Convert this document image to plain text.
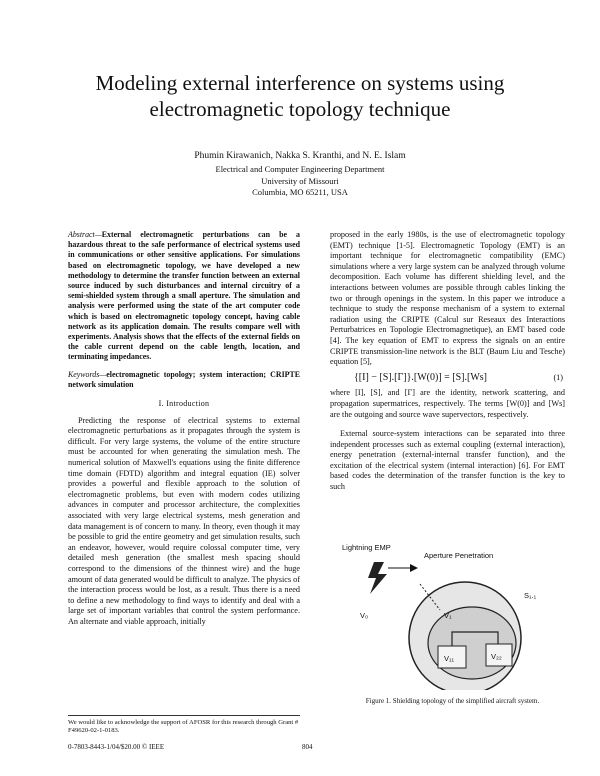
Modeling external interference on systems using electromagnetic topology technique
Phumin Kirawanich, Nakka S. Kranthi, and N. E. Islam
Electrical and Computer Engineering Department
University of Missouri
Columbia, MO 65211, USA
Abstract—External electromagnetic perturbations can be a hazardous threat to the safe performance of electrical systems used in communications or other sensitive applications. For simulations based on electromagnetic topology, we have developed a new methodology to determine the transfer function between an external source induced by such disturbances and internal circuitry of a semi-shielded system through a small aperture. The simulation and analysis were performed using the state of the art computer code which is based on electromagnetic topology concept, having cable network as its application domain. The results compare well with experiments. Analysis shows that the effects of the external fields on the cable current depend on the cable length, location, and terminating impedances.
Keywords—electromagnetic topology; system interaction; CRIPTE network simulation
I. Introduction
Predicting the response of electrical systems to external electromagnetic perturbations as it propagates through the system is difficult. For very large systems, the volume of the entire structure must be accounted for when generating the simulation mesh. The numerical solution of Maxwell's equations using the finite difference time domain (FDTD) algorithm and integral equation (IE) solver provides a powerful and flexible approach to the solution of electromagnetic problems, but even with modern codes utilizing advances in computer and processor architecture, the complexities associated with very large electrical systems, mesh generation and data management is of concern to many. In theory, even though it may be possible to grid the entire geometry and get simulation results, such an endeavor, however, would require colossal computer time, very detailed mesh generation (the smallest mesh spacing should correspond to the dimensions of the thinnest wire) and the huge amount of data generated would be difficult to analyze. The physics of the interaction process would be lost, as a result. Thus there is a need to define a new methodology to find ways to identify and deal with a large set of important variables that control the system performance. An alternate and viable approach, initially
proposed in the early 1980s, is the use of electromagnetic topology (EMT) technique [1-5]. Electromagnetic Topology (EMT) is an important technique for electromagnetic compatibility (EMC) simulations where a very large system can be analyzed through volume decomposition. Each volume has different shielding level, and the interactions between volumes are possible through cables linking the two or through openings in the system. In this paper we introduce a technique to study the response mechanism of a system to external radiation using the CRIPTE (Calcul sur Reseaux des Interactions Perturbatrices en Topologie Electromagnetique), an EMT based code [4]. The key equation of EMT to express the signals on an entire CRIPTE transmission-line network is the BLT (Baum Liu and Tesche) equation [5],
{[I] − [S].[Γ]}.[W(0)] = [S].[Ws]	(1)
where [I], [S], and [Γ] are the identity, network scattering, and propagation supermatrices, respectively. The terms [W(0)] and [Ws] are the outgoing and source wave supervectors, respectively.
External source-system interactions can be separated into three independent processes such as external coupling (external interaction), energy penetration (external-internal transfer function), and the excitation of the electrical system (internal interaction) [6]. For EMT based codes the determination of the transfer function is the key to such
Lightning EMP
Aperture Penetration
V₀	V₁
V₁₁	V₂₂
S₁.₁
Figure 1. Shielding topology of the simplified aircraft system.
We would like to acknowledge the support of AFOSR for this research through Grant # F49620-02-1-0183.
0-7803-8443-1/04/$20.00 © IEEE	804
